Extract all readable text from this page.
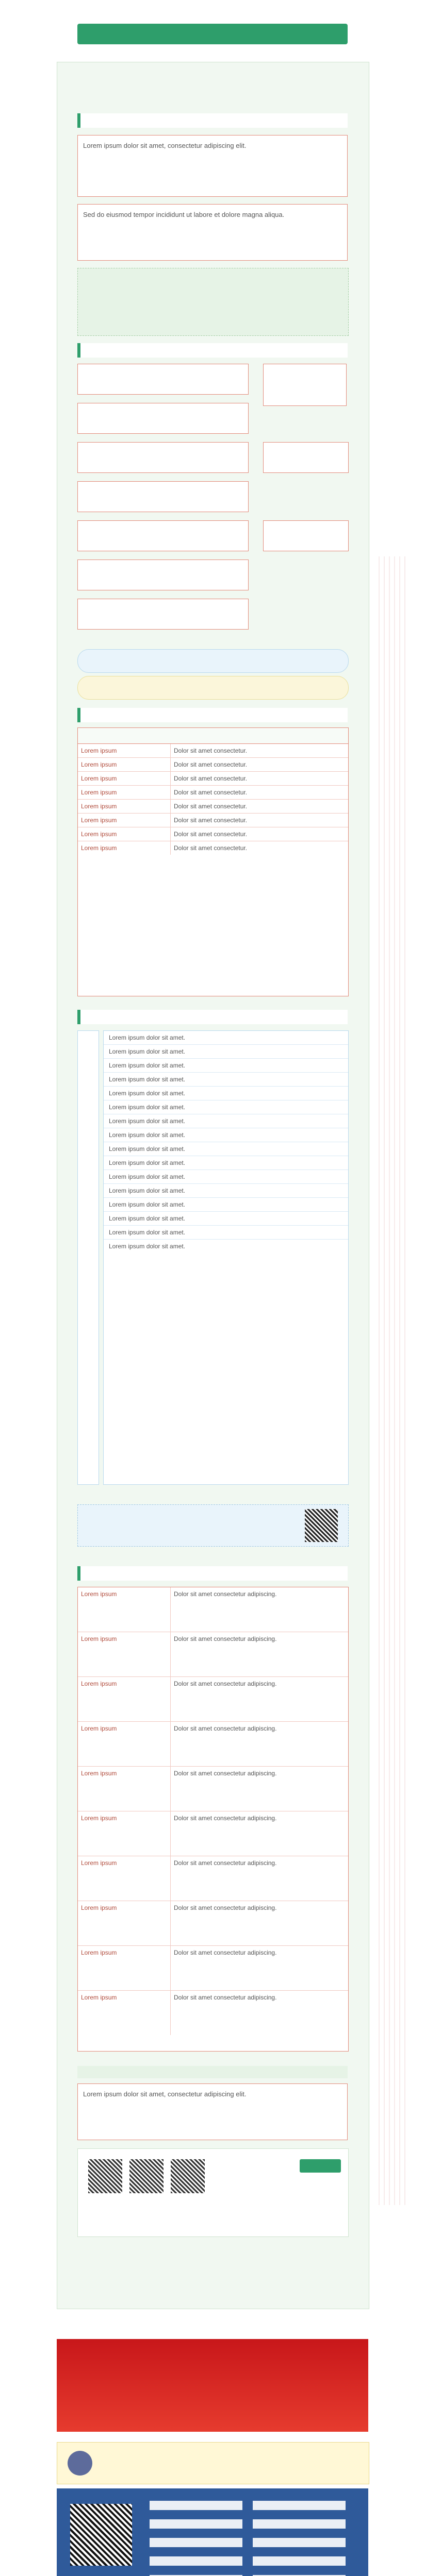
Lorem ipsum dolor sit amet, consectetur adipiscing elit.
Sed do eiusmod tempor incididunt ut labore et dolore magna aliqua.
Lorem ipsum	Dolor sit amet consectetur.
Lorem ipsum	Dolor sit amet consectetur.
Lorem ipsum	Dolor sit amet consectetur.
Lorem ipsum	Dolor sit amet consectetur.
Lorem ipsum	Dolor sit amet consectetur.
Lorem ipsum	Dolor sit amet consectetur.
Lorem ipsum	Dolor sit amet consectetur.
Lorem ipsum	Dolor sit amet consectetur.
Lorem ipsum dolor sit amet.
Lorem ipsum dolor sit amet.
Lorem ipsum dolor sit amet.
Lorem ipsum dolor sit amet.
Lorem ipsum dolor sit amet.
Lorem ipsum dolor sit amet.
Lorem ipsum dolor sit amet.
Lorem ipsum dolor sit amet.
Lorem ipsum dolor sit amet.
Lorem ipsum dolor sit amet.
Lorem ipsum dolor sit amet.
Lorem ipsum dolor sit amet.
Lorem ipsum dolor sit amet.
Lorem ipsum dolor sit amet.
Lorem ipsum dolor sit amet.
Lorem ipsum dolor sit amet.
Lorem ipsum	Dolor sit amet consectetur adipiscing.
Lorem ipsum	Dolor sit amet consectetur adipiscing.
Lorem ipsum	Dolor sit amet consectetur adipiscing.
Lorem ipsum	Dolor sit amet consectetur adipiscing.
Lorem ipsum	Dolor sit amet consectetur adipiscing.
Lorem ipsum	Dolor sit amet consectetur adipiscing.
Lorem ipsum	Dolor sit amet consectetur adipiscing.
Lorem ipsum	Dolor sit amet consectetur adipiscing.
Lorem ipsum	Dolor sit amet consectetur adipiscing.
Lorem ipsum	Dolor sit amet consectetur adipiscing.
Lorem ipsum dolor sit amet, consectetur adipiscing elit.
